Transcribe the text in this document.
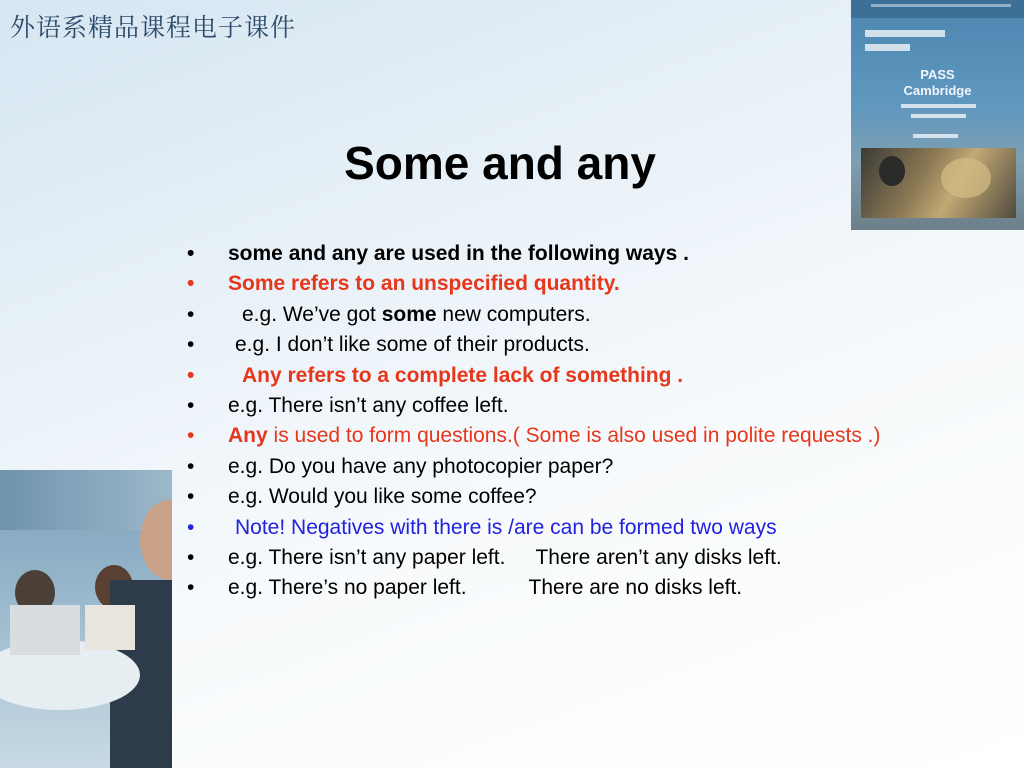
外语系精品课程电子课件
PASS
Cambridge
Some and any
• some and any are used in the following ways .
• Some refers to an unspecified quantity.
• e.g. We’ve got some new computers.
• e.g. I don’t like some of their products.
• Any refers to a complete lack of something .
• e.g. There isn’t any coffee left.
• Any is used to form questions.( Some is also used in polite requests .)
• e.g. Do you have any photocopier paper?
• e.g. Would you like some coffee?
• Note! Negatives with there is /are can be formed two ways
• e.g. There isn’t any paper left. There aren’t any disks left.
• e.g. There’s no paper left.	There are no disks left.
